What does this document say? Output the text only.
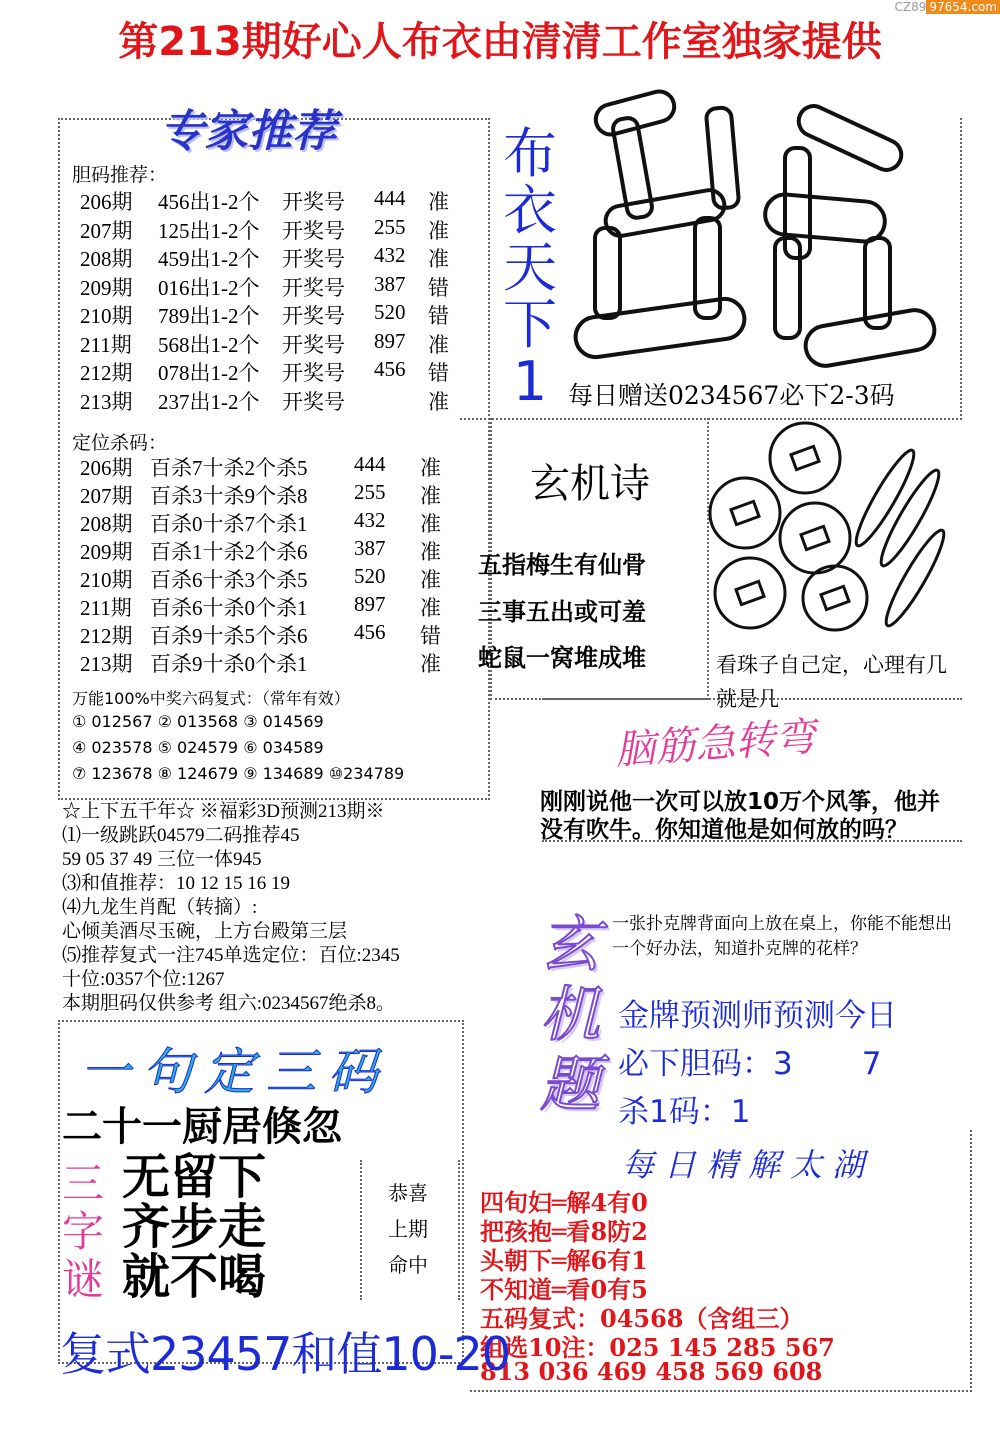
CZ89 97654.com
第213期好心人布衣由清清工作室独家提供
专家推荐
胆码推荐：
206期 456出1-2个 开奖号 444 准
207期 125出1-2个 开奖号 255 准
208期 459出1-2个 开奖号 432 准
209期 016出1-2个 开奖号 387 错
210期 789出1-2个 开奖号 520 错
211期 568出1-2个 开奖号 897 准
212期 078出1-2个 开奖号 456 错
213期 237出1-2个 开奖号	准
定位杀码：
206期 百杀7十杀2个杀5 444 准
207期 百杀3十杀9个杀8 255 准
208期 百杀0十杀7个杀1 432 准
209期 百杀1十杀2个杀6 387 准
210期 百杀6十杀3个杀5 520 准
211期 百杀6十杀0个杀1 897 准
212期 百杀9十杀5个杀6 456 错
213期 百杀9十杀0个杀1	准
万能100%中奖六码复式：（常年有效）
① 012567 ② 013568 ③ 014569
④ 023578 ⑤ 024579 ⑥ 034589
⑦ 123678 ⑧ 124679 ⑨ 134689 ⑩234789
☆上下五千年☆ ※福彩3D预测213期※
⑴一级跳跃04579二码推荐45
59 05 37 49 三位一体945
⑶和值推荐：10 12 15 16 19
⑷九龙生肖配（转摘）:
心倾美酒尽玉碗，上方台殿第三层
⑸推荐复式一注745单选定位：百位:2345
十位:0357个位:1267
本期胆码仅供参考 组六:0234567绝杀8。
布衣天下1 每日赠送0234567必下2-3码
玄机诗
五指梅生有仙骨
三事五出或可羞
蛇鼠一窝堆成堆	看珠子自己定，心理有几就是几
脑筋急转弯
刚刚说他一次可以放10万个风筝，他并没有吹牛。你知道他是如何放的吗？
玄机题
一张扑克牌背面向上放在桌上，你能不能想出一个好办法，知道扑克牌的花样？
金牌预测师预测今日
必下胆码：3       7
杀1码：1
每日精解太湖
四旬妇═解4有0
把孩抱═看8防2
头朝下═解6有1
不知道═看0有5
五码复式：04568（含组三）
组选10注：025 145 285 567
813 036 469 458 569 608
一句定三码
二十一厨居倏忽
三字谜
无留下
齐步走
就不喝
恭喜
上期
命中
复式23457和值10-20
